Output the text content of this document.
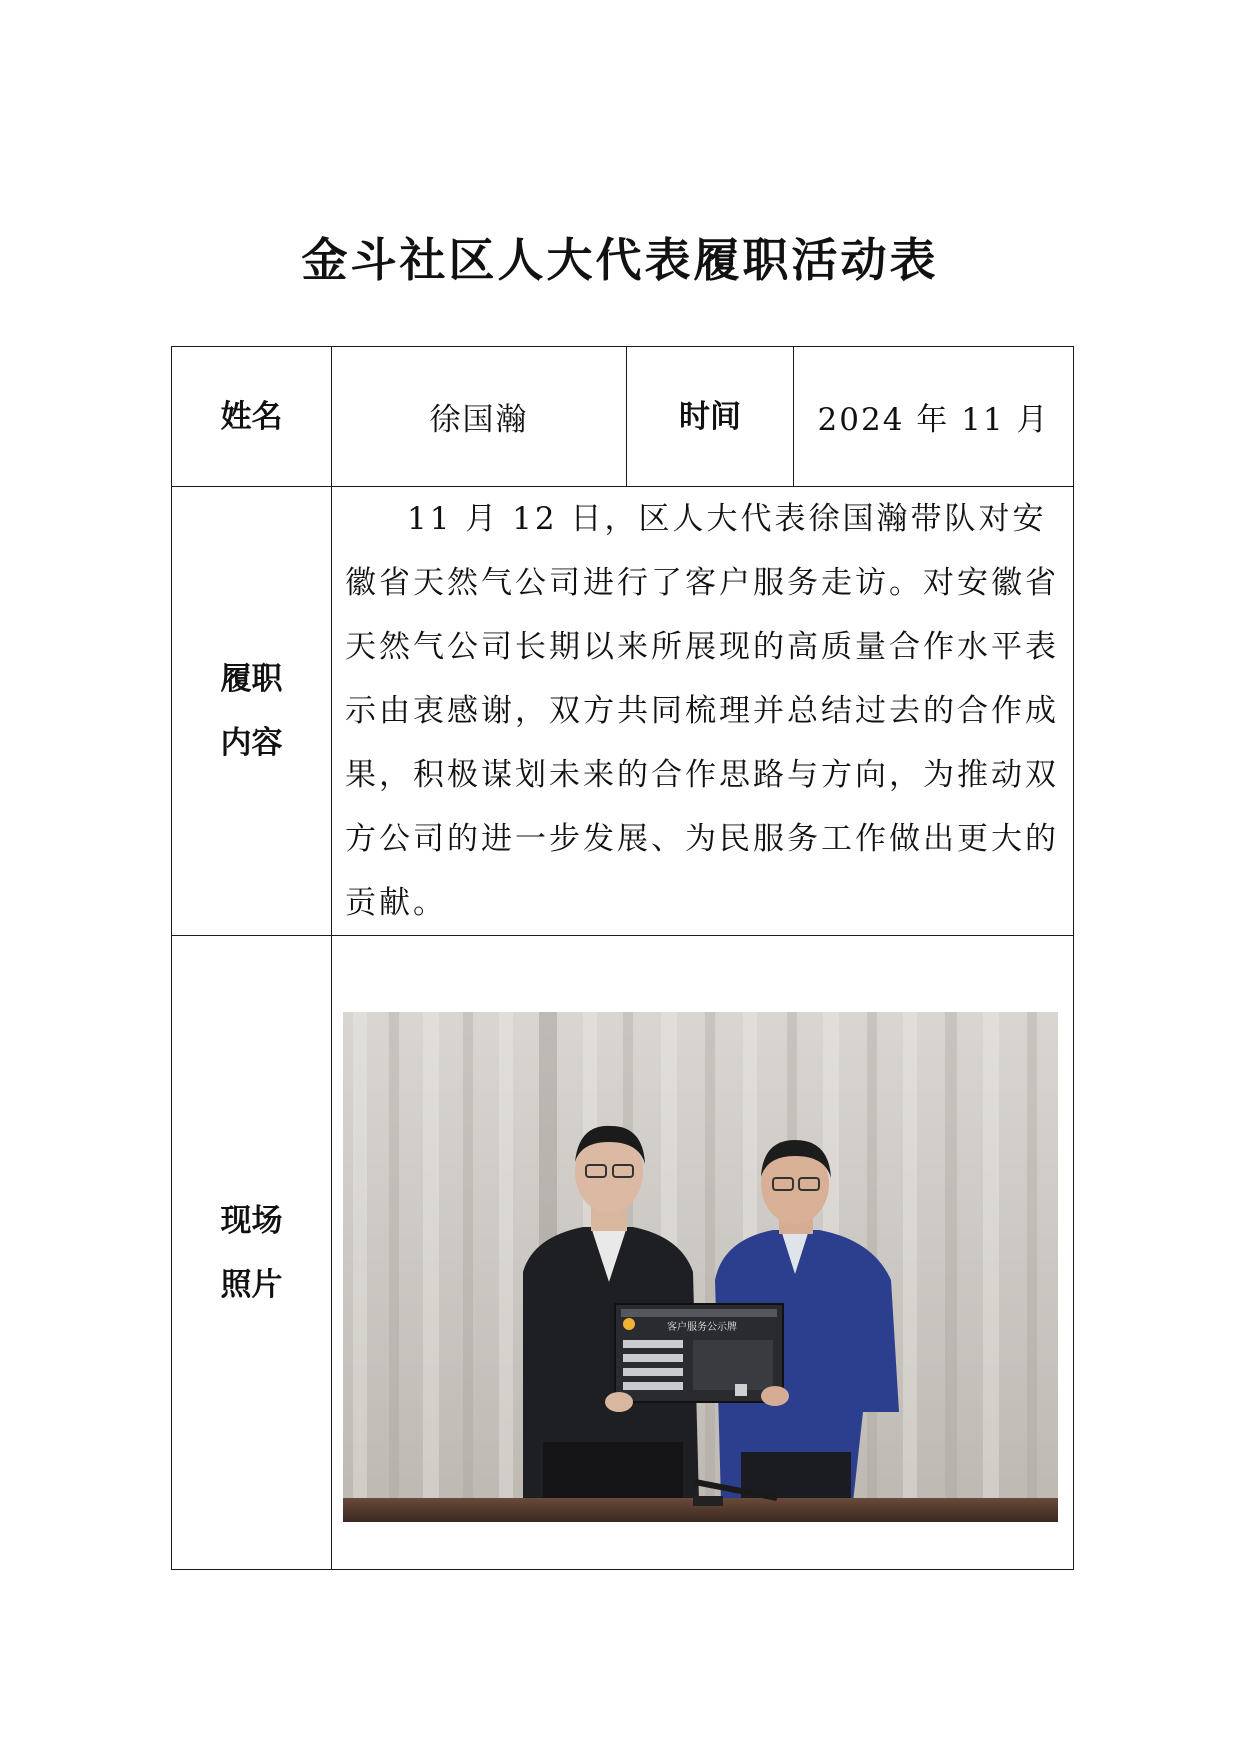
金斗社区人大代表履职活动表
姓名	徐国瀚	时间	2024 年 11 月

履职
内容	11 月 12 日，区人大代表徐国瀚带队对安徽省天然气公司进行了客户服务走访。对安徽省天然气公司长期以来所展现的高质量合作水平表示由衷感谢，双方共同梳理并总结过去的合作成果，积极谋划未来的合作思路与方向，为推动双方公司的进一步发展、为民服务工作做出更大的贡献。		

现场
照片	客户服务公示牌		
